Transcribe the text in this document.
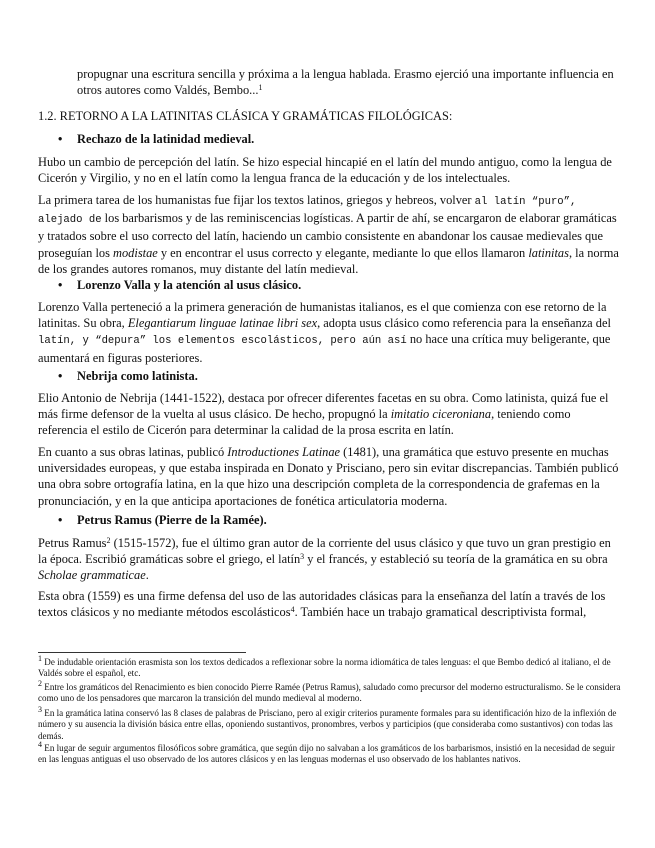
propugnar una escritura sencilla y próxima a la lengua hablada. Erasmo ejerció una importante influencia en otros autores como Valdés, Bembo...$^1$
1.2. RETORNO A LA LATINITAS CLÁSICA Y GRAMÁTICAS FILOLÓGICAS:
• Rechazo de la latinidad medieval.
Hubo un cambio de percepción del latín. Se hizo especial hincapié en el latín del mundo antiguo, como la lengua de Cicerón y Virgilio, y no en el latín como la lengua franca de la educación y de los intelectuales.
La primera tarea de los humanistas fue fijar los textos latinos, griegos y hebreos, volver al latín “puro”, alejado de los barbarismos y de las reminiscencias logísticas. A partir de ahí, se encargaron de elaborar gramáticas y tratados sobre el uso correcto del latín, haciendo un cambio consistente en abandonar los causae medievales que proseguían los modistae y en encontrar el usus correcto y elegante, mediante lo que ellos llamaron latinitas, la norma de los grandes autores romanos, muy distante del latín medieval.
• Lorenzo Valla y la atención al usus clásico.
Lorenzo Valla perteneció a la primera generación de humanistas italianos, es el que comienza con ese retorno de la latinitas. Su obra, Elegantiarum linguae latinae libri sex, adopta usus clásico como referencia para la enseñanza del latín, y “depura” los elementos escolásticos, pero aún así no hace una crítica muy beligerante, que aumentará en figuras posteriores.
• Nebrija como latinista.
Elio Antonio de Nebrija (1441-1522), destaca por ofrecer diferentes facetas en su obra. Como latinista, quizá fue el más firme defensor de la vuelta al usus clásico. De hecho, propugnó la imitatio ciceroniana, teniendo como referencia el estilo de Cicerón para determinar la calidad de la prosa escrita en latín.
En cuanto a sus obras latinas, publicó Introductiones Latinae (1481), una gramática que estuvo presente en muchas universidades europeas, y que estaba inspirada en Donato y Prisciano, pero sin evitar discrepancias. También publicó una obra sobre ortografía latina, en la que hizo una descripción completa de la correspondencia de grafemas en la pronunciación, y en la que anticipa aportaciones de fonética articulatoria moderna.
• Petrus Ramus (Pierre de la Ramée).
Petrus Ramus$^2$ (1515-1572), fue el último gran autor de la corriente del usus clásico y que tuvo un gran prestigio en la época. Escribió gramáticas sobre el griego, el latín$^3$ y el francés, y estableció su teoría de la gramática en su obra Scholae grammaticae.
Esta obra (1559) es una firme defensa del uso de las autoridades clásicas para la enseñanza del latín a través de los textos clásicos y no mediante métodos escolásticos$^4$. También hace un trabajo gramatical descriptivista formal,
$^1$ De indudable orientación erasmista son los textos dedicados a reflexionar sobre la norma idiomática de tales lenguas: el que Bembo dedicó al italiano, el de Valdés sobre el español, etc.
$^2$ Entre los gramáticos del Renacimiento es bien conocido Pierre Ramée (Petrus Ramus), saludado como precursor del moderno estructuralismo. Se le considera como uno de los pensadores que marcaron la transición del mundo medieval al moderno.
$^3$ En la gramática latina conservó las 8 clases de palabras de Prisciano, pero al exigir criterios puramente formales para su identificación hizo de la inflexión de número y su ausencia la división básica entre ellas, oponiendo sustantivos, pronombres, verbos y participios (que consideraba como sustantivos) con todas las demás.
$^4$ En lugar de seguir argumentos filosóficos sobre gramática, que según dijo no salvaban a los gramáticos de los barbarismos, insistió en la necesidad de seguir en las lenguas antiguas el uso observado de los autores clásicos y en las lenguas modernas el uso observado de los hablantes nativos.
